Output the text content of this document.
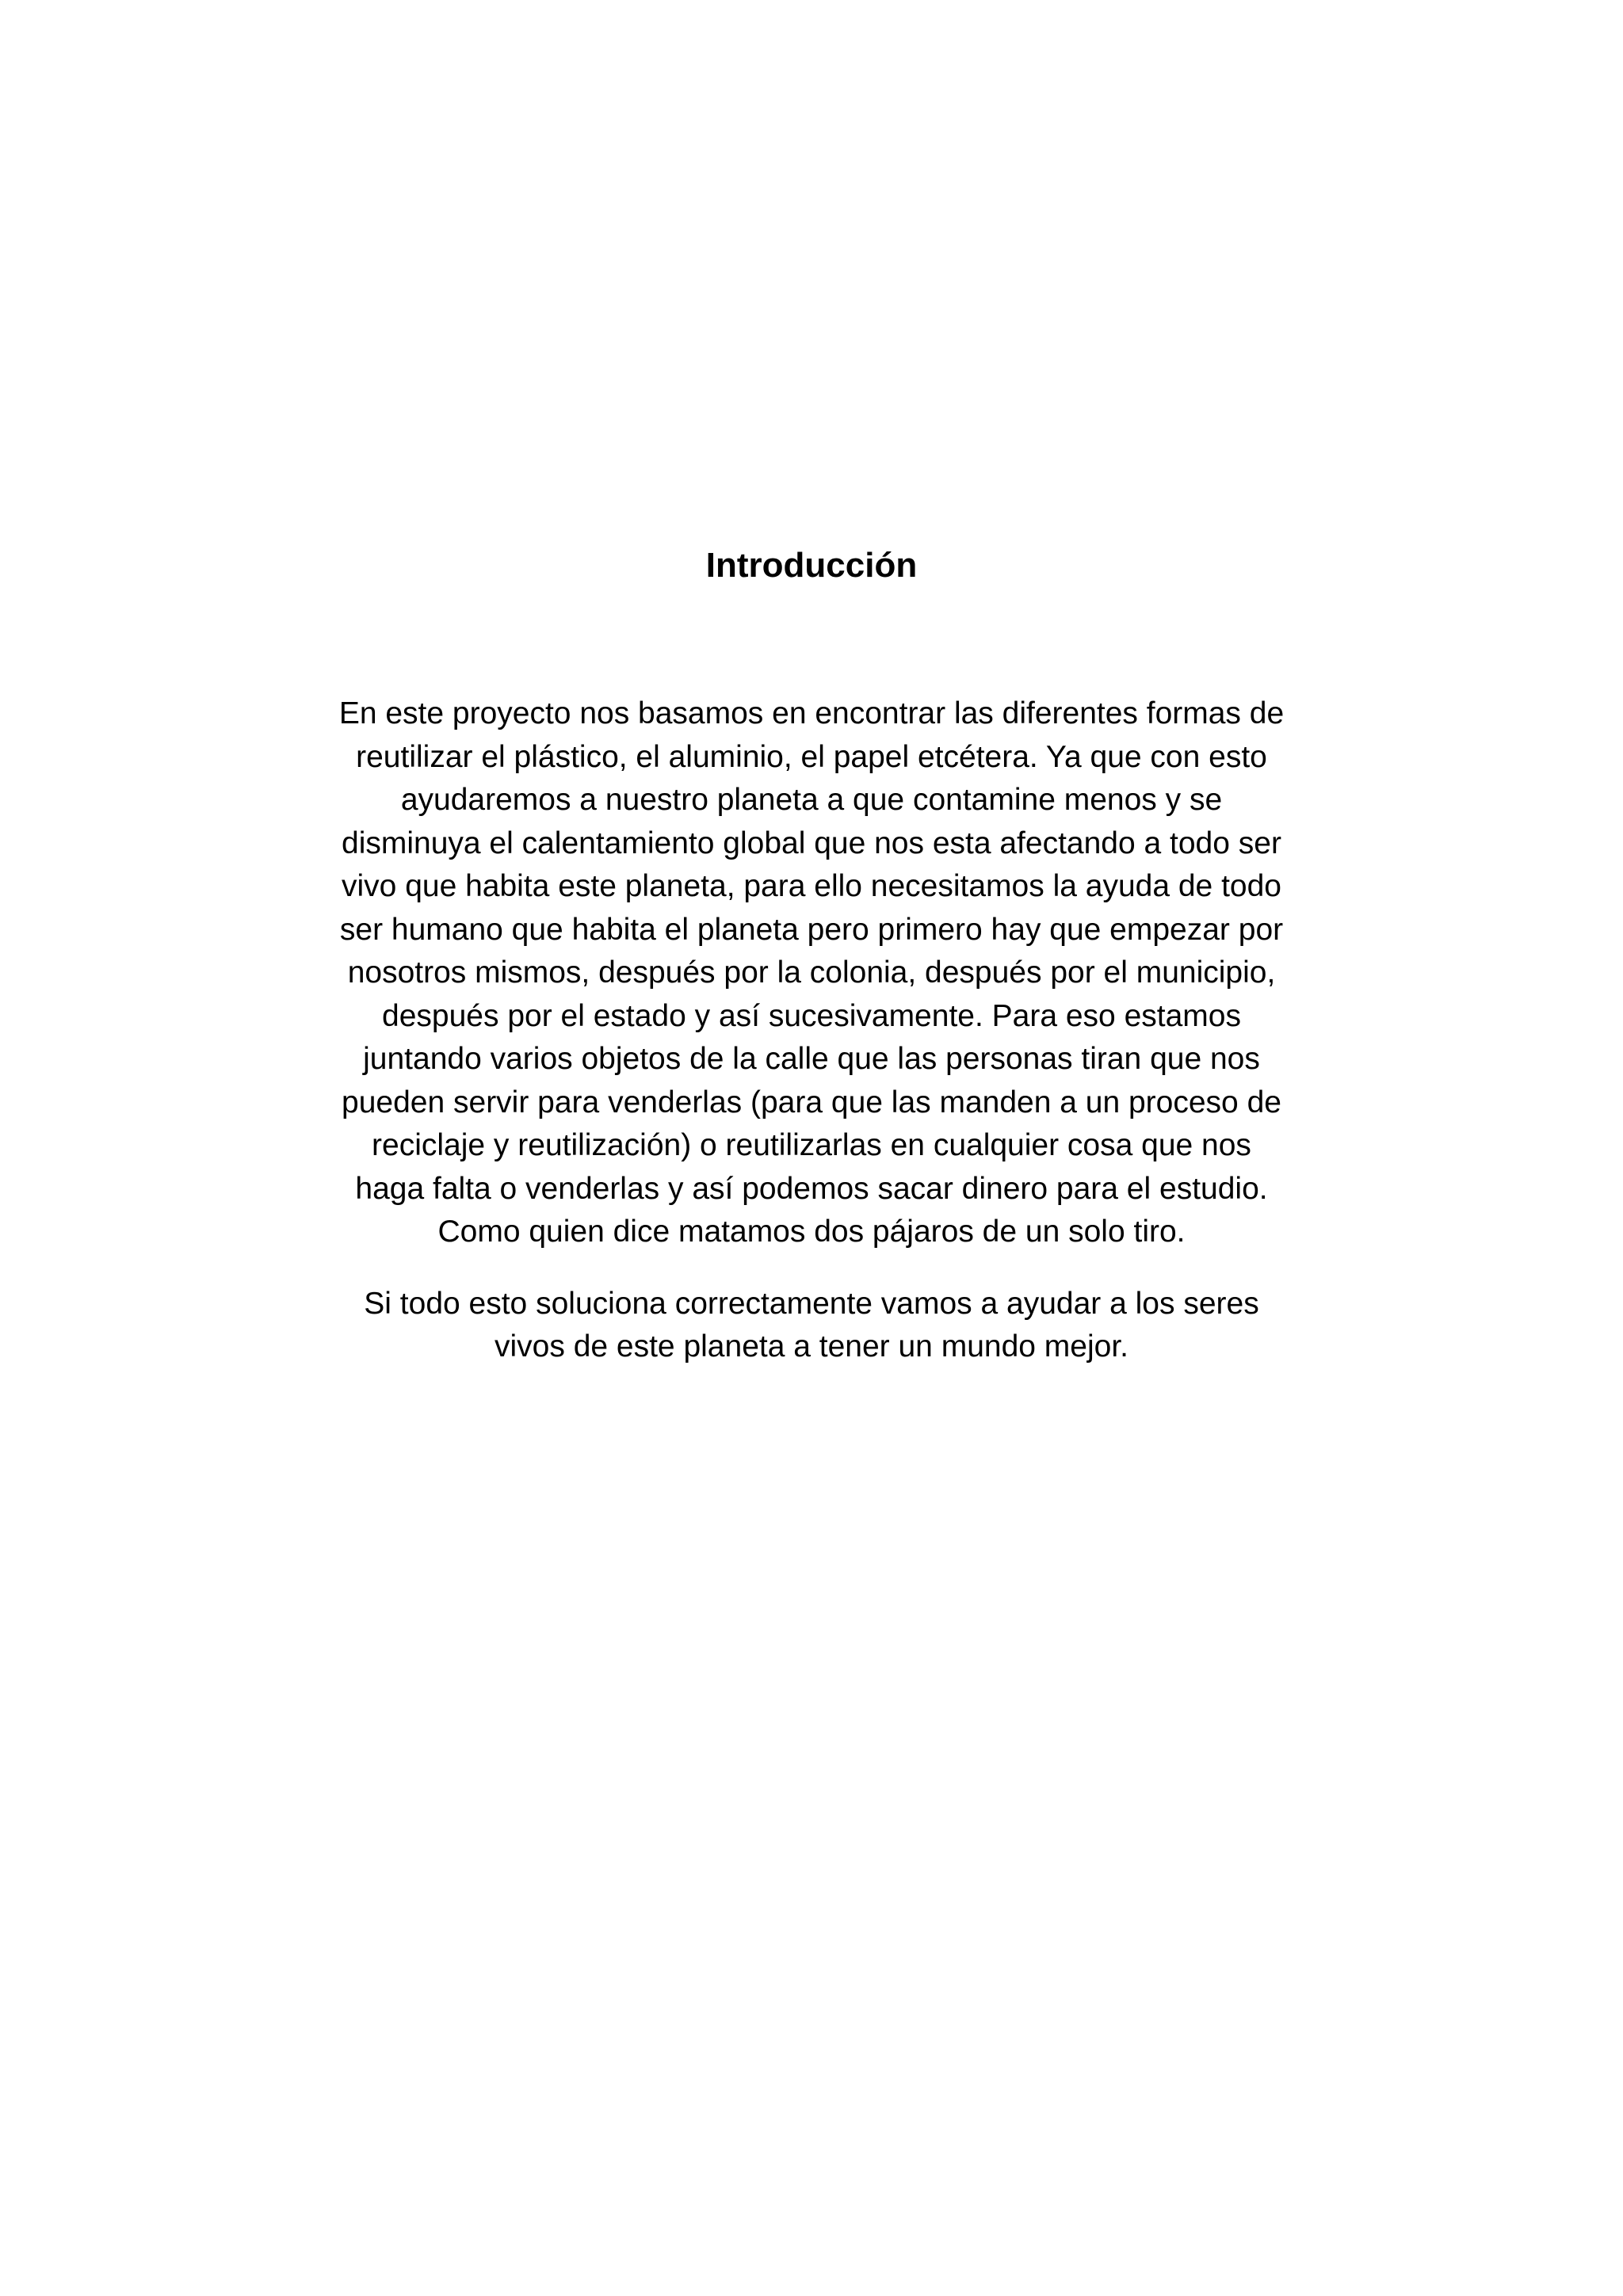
Introducción

En este proyecto nos basamos en encontrar las diferentes formas de
reutilizar el plástico, el aluminio, el papel etcétera. Ya que con esto
ayudaremos a nuestro planeta a que contamine menos y se
disminuya el calentamiento global que nos esta afectando a todo ser
vivo que habita este planeta, para ello necesitamos la ayuda de todo
ser humano que habita el planeta pero primero hay que empezar por
nosotros mismos, después por la colonia, después por el municipio,
después por el estado y así sucesivamente. Para eso estamos
juntando varios objetos de la calle que las personas tiran que nos
pueden servir para venderlas (para que las manden a un proceso de
reciclaje y reutilización) o reutilizarlas en cualquier cosa que nos
haga falta o venderlas y así podemos sacar dinero para el estudio.
Como quien dice matamos dos pájaros de un solo tiro.

Si todo esto soluciona correctamente vamos a ayudar a los seres
vivos de este planeta a tener un mundo mejor.
